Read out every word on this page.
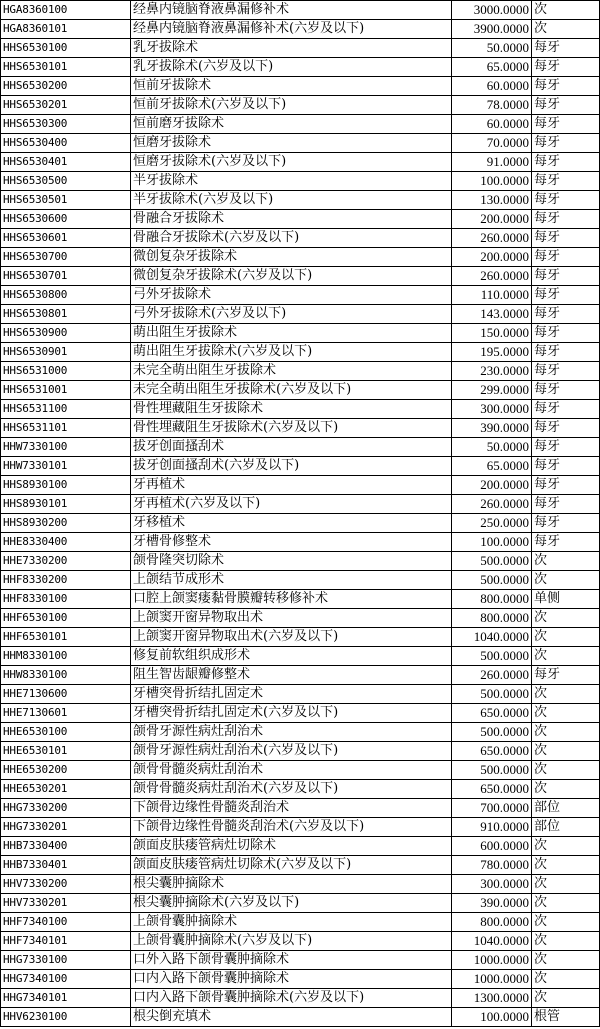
HGA8360100	经鼻内镜脑脊液鼻漏修补术	3000.0000	次
HGA8360101	经鼻内镜脑脊液鼻漏修补术(六岁及以下)	3900.0000	次
HHS6530100	乳牙拔除术	50.0000	每牙
HHS6530101	乳牙拔除术(六岁及以下)	65.0000	每牙
HHS6530200	恒前牙拔除术	60.0000	每牙
HHS6530201	恒前牙拔除术(六岁及以下)	78.0000	每牙
HHS6530300	恒前磨牙拔除术	60.0000	每牙
HHS6530400	恒磨牙拔除术	70.0000	每牙
HHS6530401	恒磨牙拔除术(六岁及以下)	91.0000	每牙
HHS6530500	半牙拔除术	100.0000	每牙
HHS6530501	半牙拔除术(六岁及以下)	130.0000	每牙
HHS6530600	骨融合牙拔除术	200.0000	每牙
HHS6530601	骨融合牙拔除术(六岁及以下)	260.0000	每牙
HHS6530700	微创复杂牙拔除术	200.0000	每牙
HHS6530701	微创复杂牙拔除术(六岁及以下)	260.0000	每牙
HHS6530800	弓外牙拔除术	110.0000	每牙
HHS6530801	弓外牙拔除术(六岁及以下)	143.0000	每牙
HHS6530900	萌出阻生牙拔除术	150.0000	每牙
HHS6530901	萌出阻生牙拔除术(六岁及以下)	195.0000	每牙
HHS6531000	未完全萌出阻生牙拔除术	230.0000	每牙
HHS6531001	未完全萌出阻生牙拔除术(六岁及以下)	299.0000	每牙
HHS6531100	骨性埋藏阻生牙拔除术	300.0000	每牙
HHS6531101	骨性埋藏阻生牙拔除术(六岁及以下)	390.0000	每牙
HHW7330100	拔牙创面搔刮术	50.0000	每牙
HHW7330101	拔牙创面搔刮术(六岁及以下)	65.0000	每牙
HHS8930100	牙再植术	200.0000	每牙
HHS8930101	牙再植术(六岁及以下)	260.0000	每牙
HHS8930200	牙移植术	250.0000	每牙
HHE8330400	牙槽骨修整术	100.0000	每牙
HHE7330200	颌骨隆突切除术	500.0000	次
HHF8330200	上颌结节成形术	500.0000	次
HHF8330100	口腔上颌窦瘘黏骨膜瓣转移修补术	800.0000	单侧
HHF6530100	上颌窦开窗异物取出术	800.0000	次
HHF6530101	上颌窦开窗异物取出术(六岁及以下)	1040.0000	次
HHM8330100	修复前软组织成形术	500.0000	次
HHW8330100	阻生智齿龈瓣修整术	260.0000	每牙
HHE7130600	牙槽突骨折结扎固定术	500.0000	次
HHE7130601	牙槽突骨折结扎固定术(六岁及以下)	650.0000	次
HHE6530100	颌骨牙源性病灶刮治术	500.0000	次
HHE6530101	颌骨牙源性病灶刮治术(六岁及以下)	650.0000	次
HHE6530200	颌骨骨髓炎病灶刮治术	500.0000	次
HHE6530201	颌骨骨髓炎病灶刮治术(六岁及以下)	650.0000	次
HHG7330200	下颌骨边缘性骨髓炎刮治术	700.0000	部位
HHG7330201	下颌骨边缘性骨髓炎刮治术(六岁及以下)	910.0000	部位
HHB7330400	颌面皮肤瘘管病灶切除术	600.0000	次
HHB7330401	颌面皮肤瘘管病灶切除术(六岁及以下)	780.0000	次
HHV7330200	根尖囊肿摘除术	300.0000	次
HHV7330201	根尖囊肿摘除术(六岁及以下)	390.0000	次
HHF7340100	上颌骨囊肿摘除术	800.0000	次
HHF7340101	上颌骨囊肿摘除术(六岁及以下)	1040.0000	次
HHG7330100	口外入路下颌骨囊肿摘除术	1000.0000	次
HHG7340100	口内入路下颌骨囊肿摘除术	1000.0000	次
HHG7340101	口内入路下颌骨囊肿摘除术(六岁及以下)	1300.0000	次
HHV6230100	根尖倒充填术	100.0000	根管
